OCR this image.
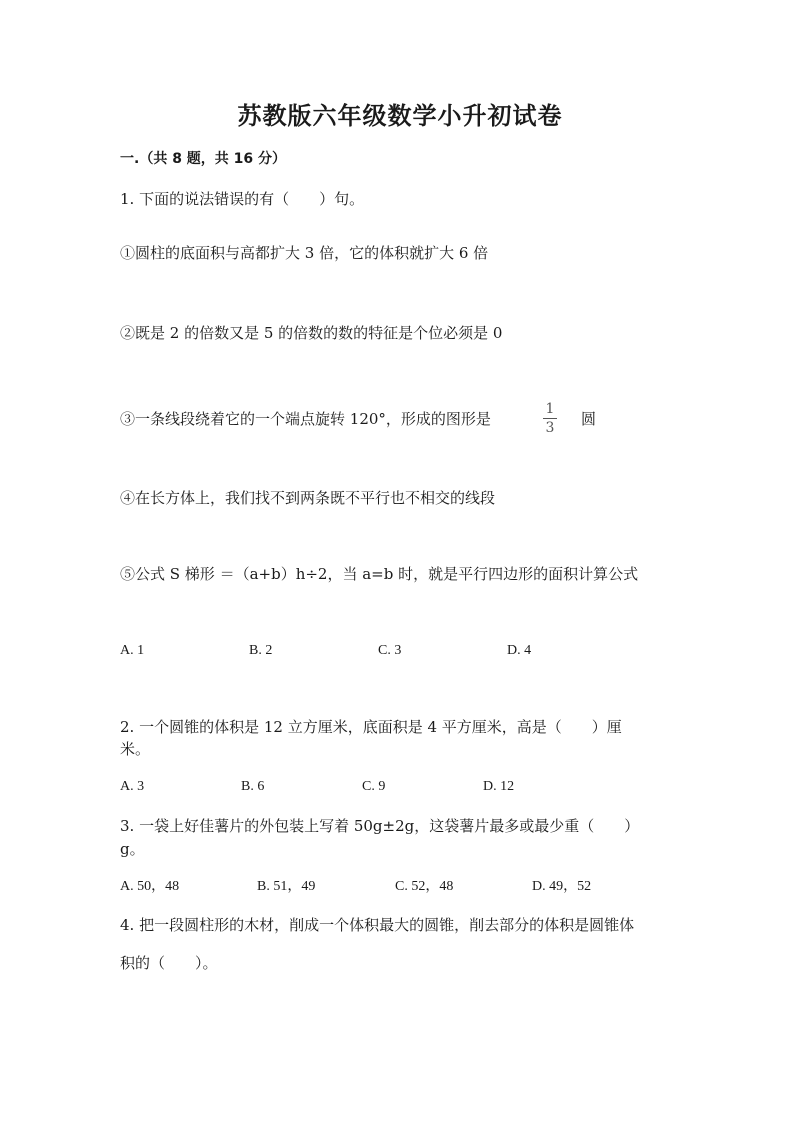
苏教版六年级数学小升初试卷
一.（共 8 题，共 16 分）
1. 下面的说法错误的有（　　）句。
①圆柱的底面积与高都扩大 3 倍，它的体积就扩大 6 倍
②既是 2 的倍数又是 5 的倍数的数的特征是个位必须是 0
③一条线段绕着它的一个端点旋转 120°，形成的图形是
1
3	圆
④在长方体上，我们找不到两条既不平行也不相交的线段
⑤公式 S 梯形 ＝（a+b）h÷2，当 a=b 时，就是平行四边形的面积计算公式
A. 1	B. 2	C. 3	D. 4
2. 一个圆锥的体积是 12 立方厘米，底面积是 4 平方厘米，高是（　　）厘
米。
A. 3	B. 6	C. 9	D. 12
3. 一袋上好佳薯片的外包装上写着 50g±2g，这袋薯片最多或最少重（　　）
g。
A. 50，48	B. 51，49	C. 52，48	D. 49，52
4. 把一段圆柱形的木材，削成一个体积最大的圆锥，削去部分的体积是圆锥体
积的（　　）。
